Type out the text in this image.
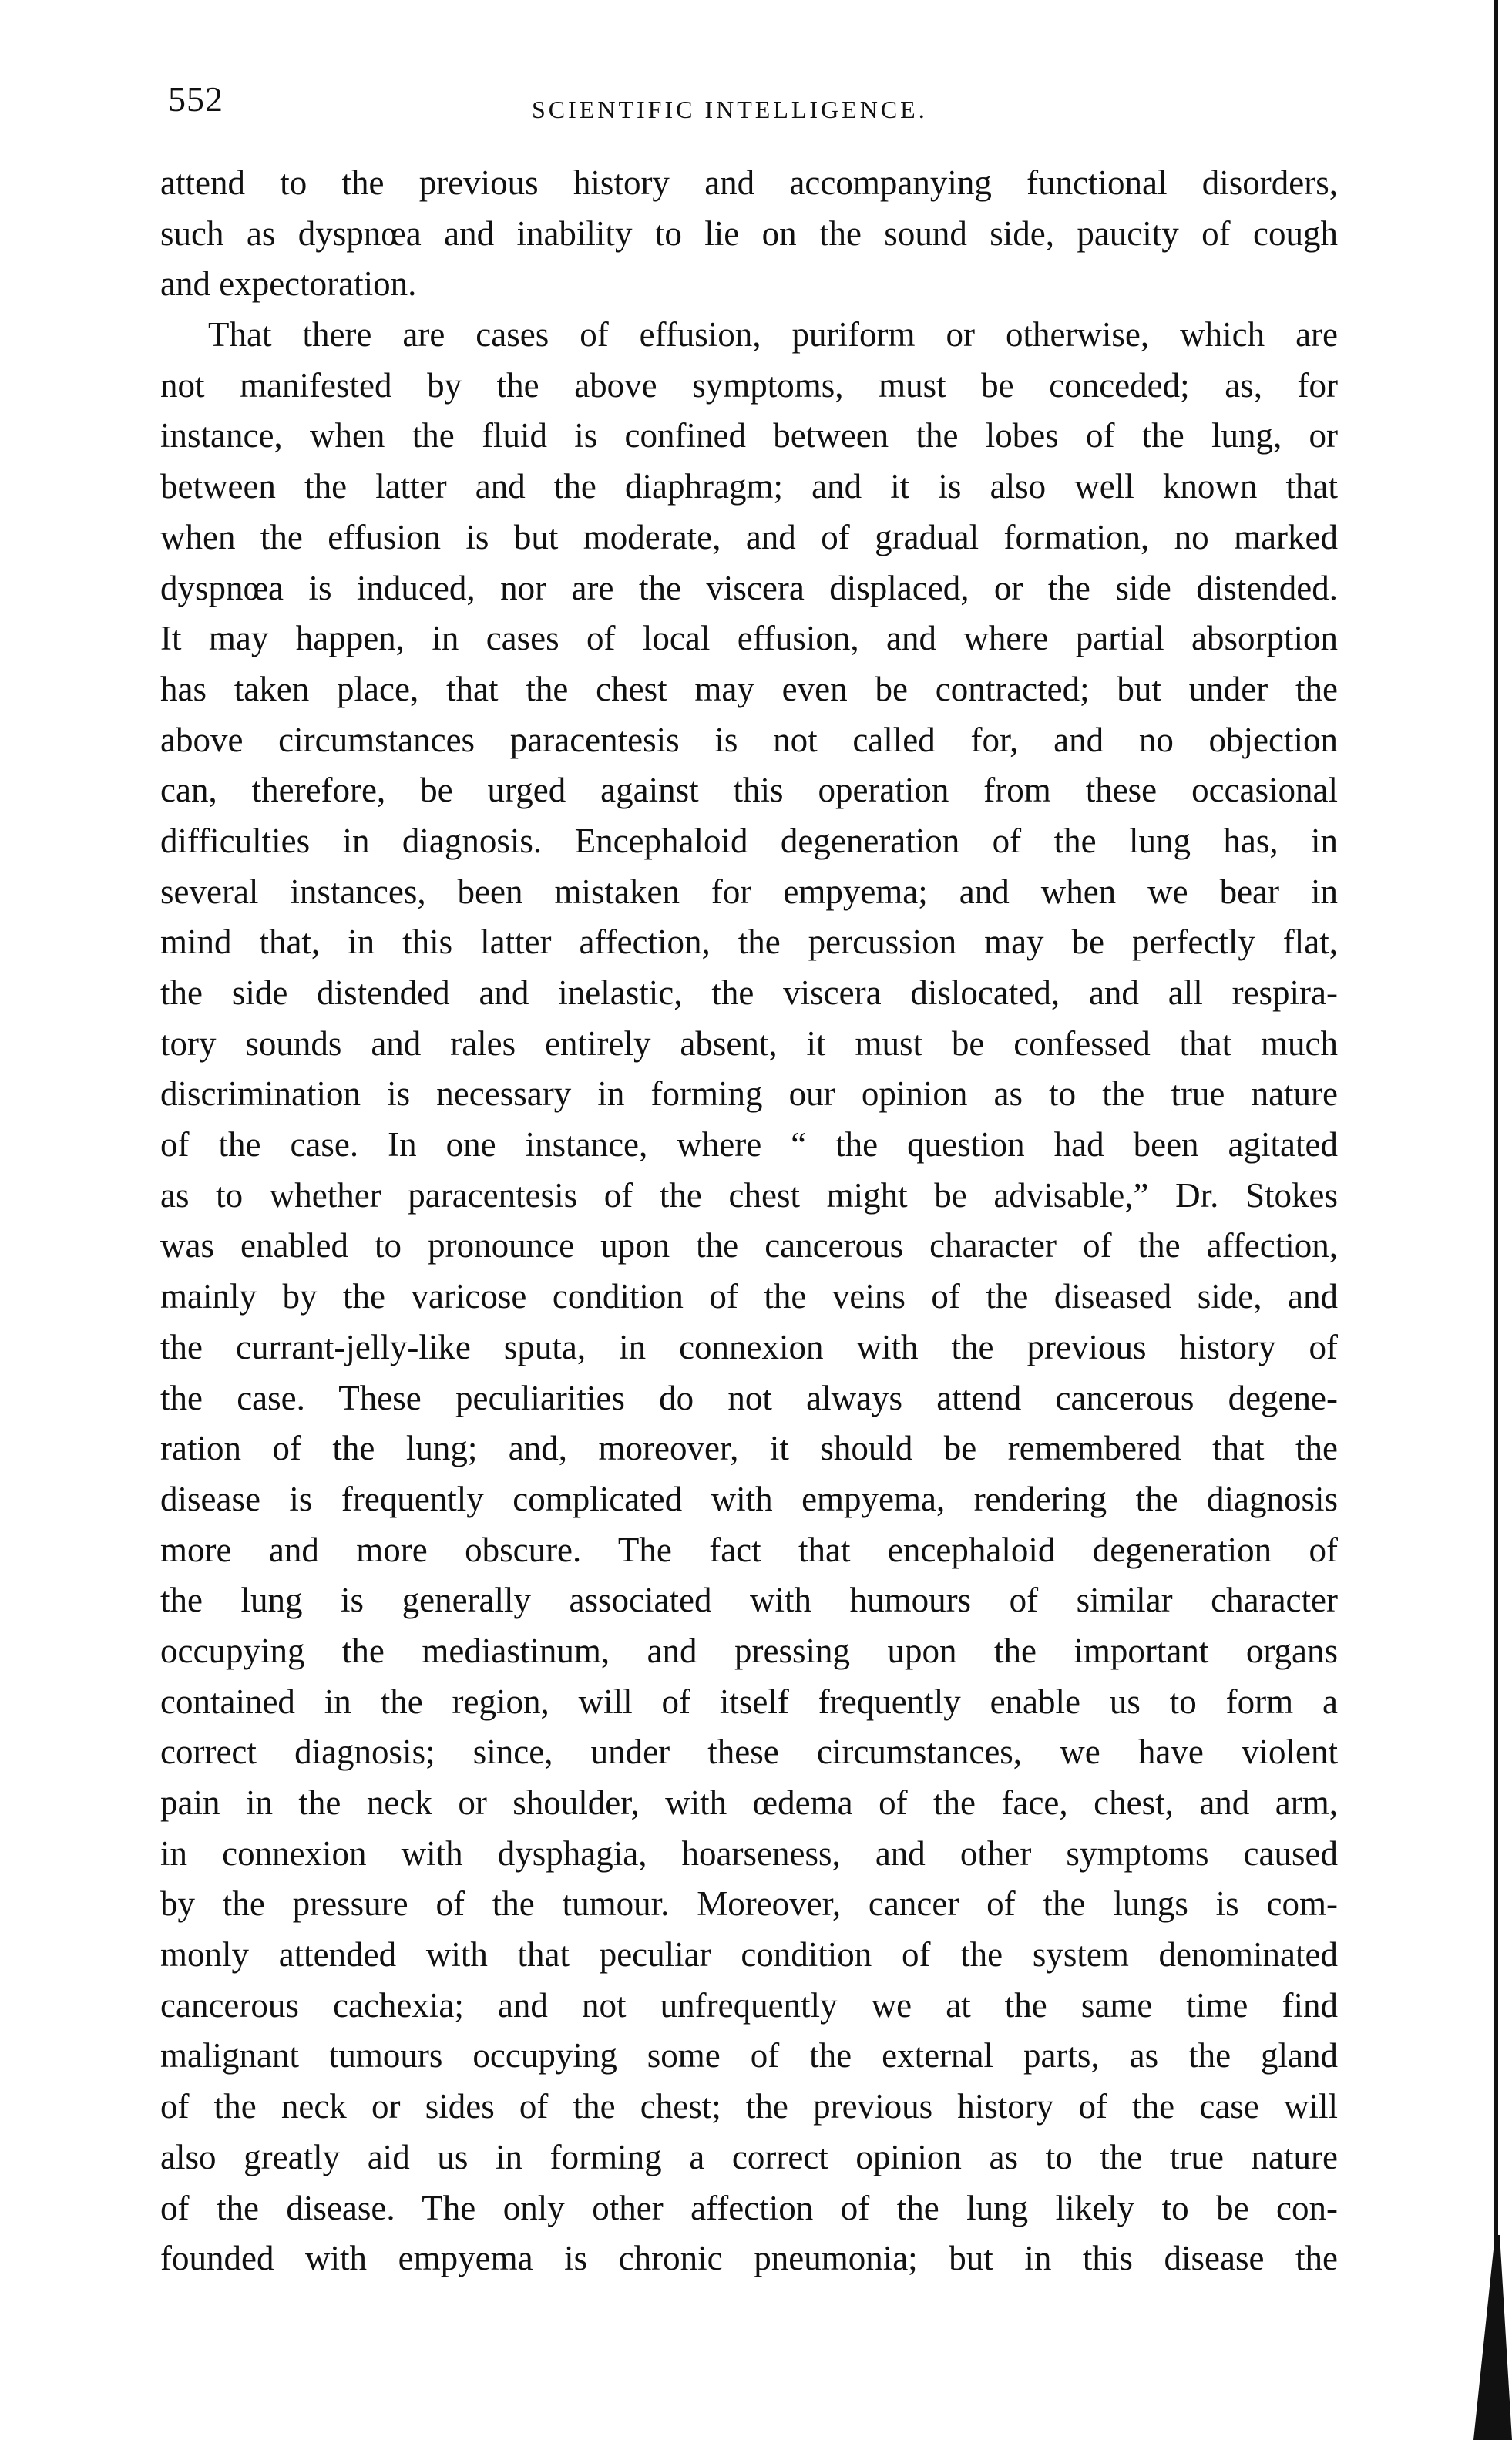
552	SCIENTIFIC INTELLIGENCE.
attend to the previous history and accompanying functional disorders,
such as dyspnœa and inability to lie on the sound side, paucity of cough
and expectoration.
That there are cases of effusion, puriform or otherwise, which are
not manifested by the above symptoms, must be conceded; as, for
instance, when the fluid is confined between the lobes of the lung, or
between the latter and the diaphragm; and it is also well known that
when the effusion is but moderate, and of gradual formation, no marked
dyspnœa is induced, nor are the viscera displaced, or the side distended.
It may happen, in cases of local effusion, and where partial absorption
has taken place, that the chest may even be contracted; but under the
above circumstances paracentesis is not called for, and no objection
can, therefore, be urged against this operation from these occasional
difficulties in diagnosis. Encephaloid degeneration of the lung has, in
several instances, been mistaken for empyema; and when we bear in
mind that, in this latter affection, the percussion may be perfectly flat,
the side distended and inelastic, the viscera dislocated, and all respira-
tory sounds and rales entirely absent, it must be confessed that much
discrimination is necessary in forming our opinion as to the true nature
of the case. In one instance, where “ the question had been agitated
as to whether paracentesis of the chest might be advisable,” Dr. Stokes
was enabled to pronounce upon the cancerous character of the affection,
mainly by the varicose condition of the veins of the diseased side, and
the currant-jelly-like sputa, in connexion with the previous history of
the case. These peculiarities do not always attend cancerous degene-
ration of the lung; and, moreover, it should be remembered that the
disease is frequently complicated with empyema, rendering the diagnosis
more and more obscure. The fact that encephaloid degeneration of
the lung is generally associated with humours of similar character
occupying the mediastinum, and pressing upon the important organs
contained in the region, will of itself frequently enable us to form a
correct diagnosis; since, under these circumstances, we have violent
pain in the neck or shoulder, with œdema of the face, chest, and arm,
in connexion with dysphagia, hoarseness, and other symptoms caused
by the pressure of the tumour. Moreover, cancer of the lungs is com-
monly attended with that peculiar condition of the system denominated
cancerous cachexia; and not unfrequently we at the same time find
malignant tumours occupying some of the external parts, as the gland
of the neck or sides of the chest; the previous history of the case will
also greatly aid us in forming a correct opinion as to the true nature
of the disease. The only other affection of the lung likely to be con-
founded with empyema is chronic pneumonia; but in this disease the
